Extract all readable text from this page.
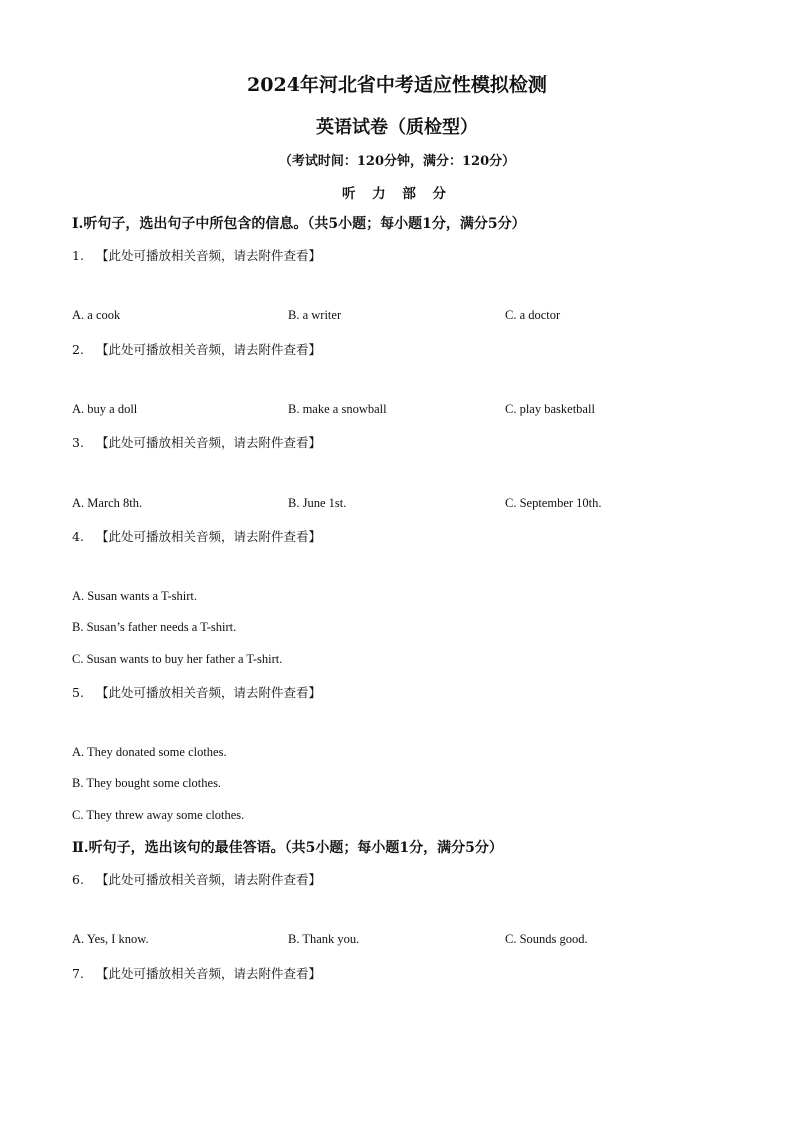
2024年河北省中考适应性模拟检测
英语试卷（质检型）
（考试时间：120分钟，满分：120分）
听 力 部 分
Ⅰ.听句子，选出句子中所包含的信息。（共5小题；每小题1分，满分5分）
1. 【此处可播放相关音频，请去附件查看】
A. a cook	B. a writer	C. a doctor
2. 【此处可播放相关音频，请去附件查看】
A. buy a doll	B. make a snowball	C. play basketball
3. 【此处可播放相关音频，请去附件查看】
A. March 8th.	B. June 1st.	C. September 10th.
4. 【此处可播放相关音频，请去附件查看】
A. Susan wants a T-shirt.
B. Susan’s father needs a T-shirt.
C. Susan wants to buy her father a T-shirt.
5. 【此处可播放相关音频，请去附件查看】
A. They donated some clothes.
B. They bought some clothes.
C. They threw away some clothes.
Ⅱ.听句子，选出该句的最佳答语。（共5小题；每小题1分，满分5分）
6. 【此处可播放相关音频，请去附件查看】
A. Yes, I know.	B. Thank you.	C. Sounds good.
7. 【此处可播放相关音频，请去附件查看】
